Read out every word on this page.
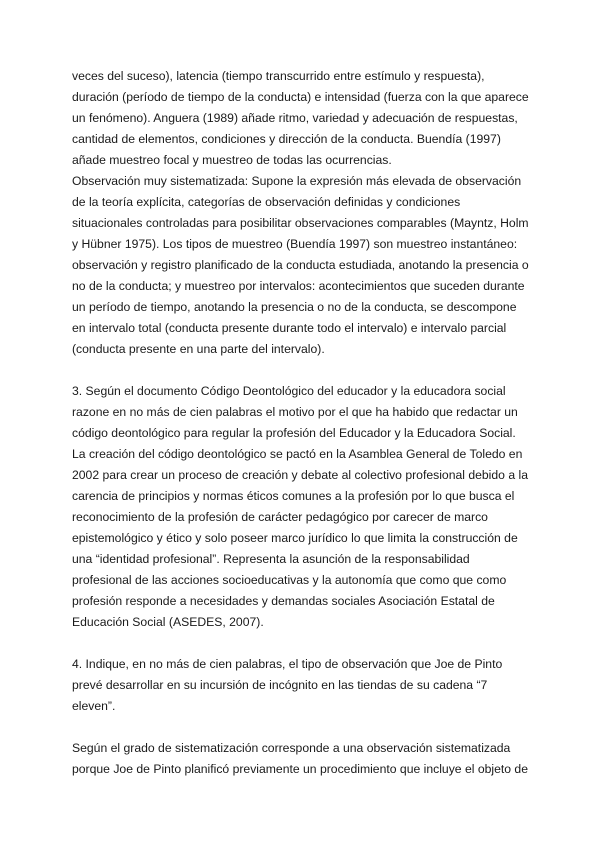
veces del suceso), latencia (tiempo transcurrido entre estímulo y respuesta),
duración (período de tiempo de la conducta) e intensidad (fuerza con la que aparece
un fenómeno). Anguera (1989) añade ritmo, variedad y adecuación de respuestas,
cantidad de elementos, condiciones y dirección de la conducta. Buendía (1997)
añade muestreo focal y muestreo de todas las ocurrencias.
Observación muy sistematizada: Supone la expresión más elevada de observación
de la teoría explícita, categorías de observación definidas y condiciones
situacionales controladas para posibilitar observaciones comparables (Mayntz, Holm
y Hübner 1975). Los tipos de muestreo (Buendía 1997) son muestreo instantáneo:
observación y registro planificado de la conducta estudiada, anotando la presencia o
no de la conducta; y muestreo por intervalos: acontecimientos que suceden durante
un período de tiempo, anotando la presencia o no de la conducta, se descompone
en intervalo total (conducta presente durante todo el intervalo) e intervalo parcial
(conducta presente en una parte del intervalo).
3. Según el documento Código Deontológico del educador y la educadora social
razone en no más de cien palabras el motivo por el que ha habido que redactar un
código deontológico para regular la profesión del Educador y la Educadora Social.
La creación del código deontológico se pactó en la Asamblea General de Toledo en
2002 para crear un proceso de creación y debate al colectivo profesional debido a la
carencia de principios y normas éticos comunes a la profesión por lo que busca el
reconocimiento de la profesión de carácter pedagógico por carecer de marco
epistemológico y ético y solo poseer marco jurídico lo que limita la construcción de
una “identidad profesional”. Representa la asunción de la responsabilidad
profesional de las acciones socioeducativas y la autonomía que como que como
profesión responde a necesidades y demandas sociales Asociación Estatal de
Educación Social (ASEDES, 2007).
4. Indique, en no más de cien palabras, el tipo de observación que Joe de Pinto
prevé desarrollar en su incursión de incógnito en las tiendas de su cadena “7
eleven”.
Según el grado de sistematización corresponde a una observación sistematizada
porque Joe de Pinto planificó previamente un procedimiento que incluye el objeto de
